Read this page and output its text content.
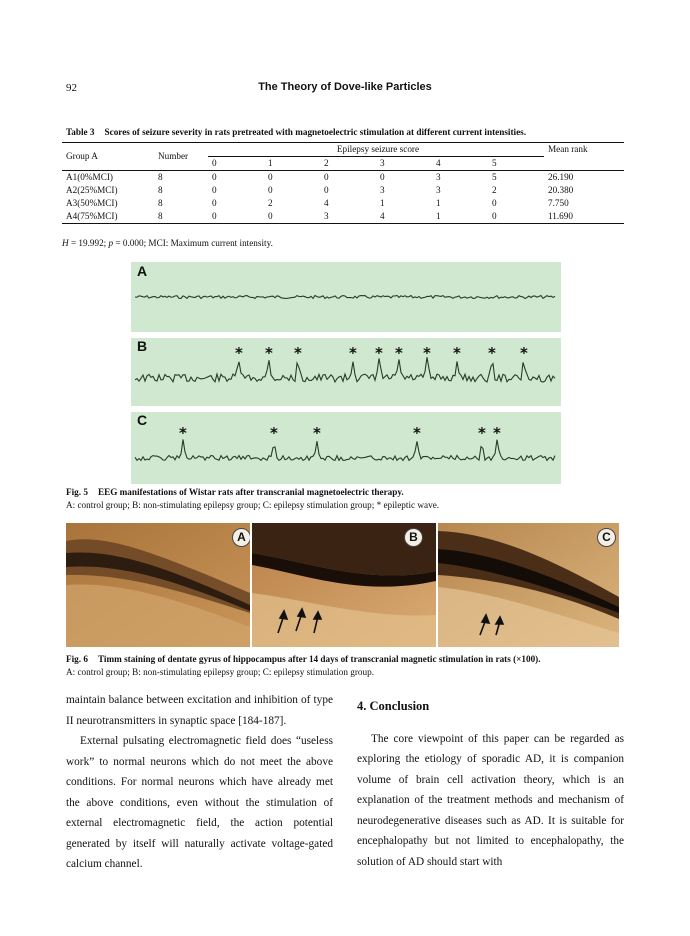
92	The Theory of Dove-like Particles
Table 3 Scores of seizure severity in rats pretreated with magnetoelectric stimulation at different current intensities.
Group A	Number	Epilepsy seizure score						Mean rank
		0	1	2	3	4	5	
A1(0%MCI)	8	0	0	0	0	3	5	26.190
A2(25%MCI)	8	0	0	0	3	3	2	20.380
A3(50%MCI)	8	0	2	4	1	1	0	7.750
A4(75%MCI)	8	0	0	3	4	1	0	11.690
H = 19.992; p = 0.000; MCI: Maximum current intensity.
A
B	* * *	* * * * * * *
C
*	* *	*	* *
Fig. 5 EEG manifestations of Wistar rats after transcranial magnetoelectric therapy.
A: control group; B: non-stimulating epilepsy group; C: epilepsy stimulation group; * epileptic wave.
A	B	C
Fig. 6 Timm staining of dentate gyrus of hippocampus after 14 days of transcranial magnetic stimulation in rats (×100).
A: control group; B: non-stimulating epilepsy group; C: epilepsy stimulation group.

maintain balance between excitation and inhibition of type II neurotransmitters in synaptic space [184-187].

External pulsating electromagnetic field does “useless work” to normal neurons which do not meet the above conditions. For normal neurons which have already met the above conditions, even without the stimulation of external electromagnetic field, the action potential generated by itself will naturally activate voltage-gated calcium channel.

4. Conclusion

The core viewpoint of this paper can be regarded as exploring the etiology of sporadic AD, it is companion volume of brain cell activation theory, which is an explanation of the treatment methods and mechanism of neurodegenerative diseases such as AD. It is suitable for encephalopathy but not limited to encephalopathy, the solution of AD should start with
